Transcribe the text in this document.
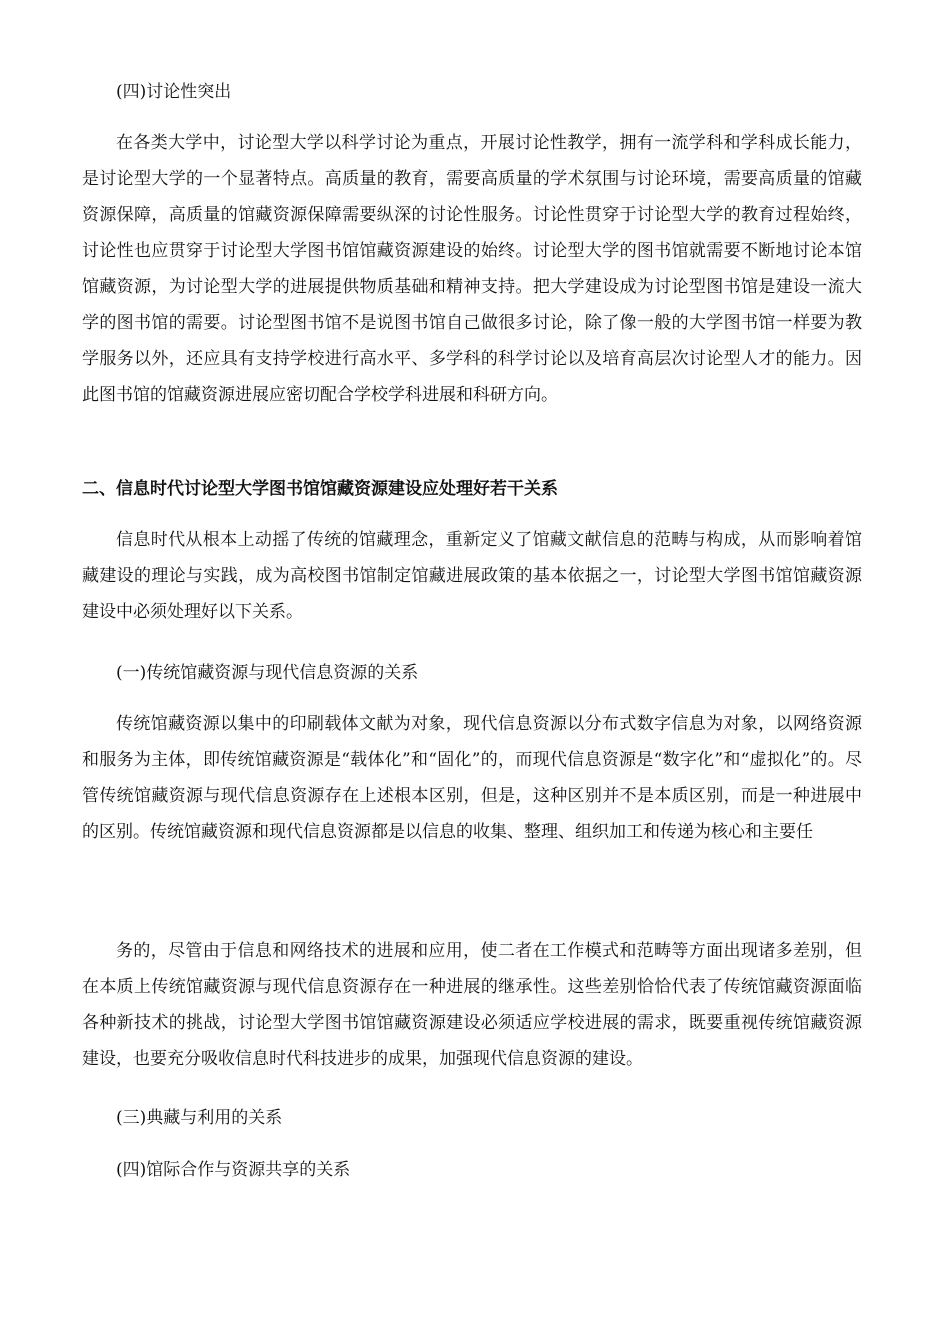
(四)讨论性突出

在各类大学中，讨论型大学以科学讨论为重点，开展讨论性教学，拥有一流学科和学科成长能力，是讨论型大学的一个显著特点。高质量的教育，需要高质量的学术氛围与讨论环境，需要高质量的馆藏资源保障，高质量的馆藏资源保障需要纵深的讨论性服务。讨论性贯穿于讨论型大学的教育过程始终，讨论性也应贯穿于讨论型大学图书馆馆藏资源建设的始终。讨论型大学的图书馆就需要不断地讨论本馆馆藏资源，为讨论型大学的进展提供物质基础和精神支持。把大学建设成为讨论型图书馆是建设一流大学的图书馆的需要。讨论型图书馆不是说图书馆自己做很多讨论，除了像一般的大学图书馆一样要为教学服务以外，还应具有支持学校进行高水平、多学科的科学讨论以及培育高层次讨论型人才的能力。因此图书馆的馆藏资源进展应密切配合学校学科进展和科研方向。

二、信息时代讨论型大学图书馆馆藏资源建设应处理好若干关系

信息时代从根本上动摇了传统的馆藏理念，重新定义了馆藏文献信息的范畴与构成，从而影响着馆藏建设的理论与实践，成为高校图书馆制定馆藏进展政策的基本依据之一，讨论型大学图书馆馆藏资源建设中必须处理好以下关系。

(一)传统馆藏资源与现代信息资源的关系

传统馆藏资源以集中的印刷载体文献为对象，现代信息资源以分布式数字信息为对象，以网络资源和服务为主体，即传统馆藏资源是“载体化”和“固化”的，而现代信息资源是“数字化”和“虚拟化”的。尽管传统馆藏资源与现代信息资源存在上述根本区别，但是，这种区别并不是本质区别，而是一种进展中的区别。传统馆藏资源和现代信息资源都是以信息的收集、整理、组织加工和传递为核心和主要任

务的，尽管由于信息和网络技术的进展和应用，使二者在工作模式和范畴等方面出现诸多差别，但在本质上传统馆藏资源与现代信息资源存在一种进展的继承性。这些差别恰恰代表了传统馆藏资源面临各种新技术的挑战，讨论型大学图书馆馆藏资源建设必须适应学校进展的需求，既要重视传统馆藏资源建设，也要充分吸收信息时代科技进步的成果，加强现代信息资源的建设。

(三)典藏与利用的关系

(四)馆际合作与资源共享的关系
